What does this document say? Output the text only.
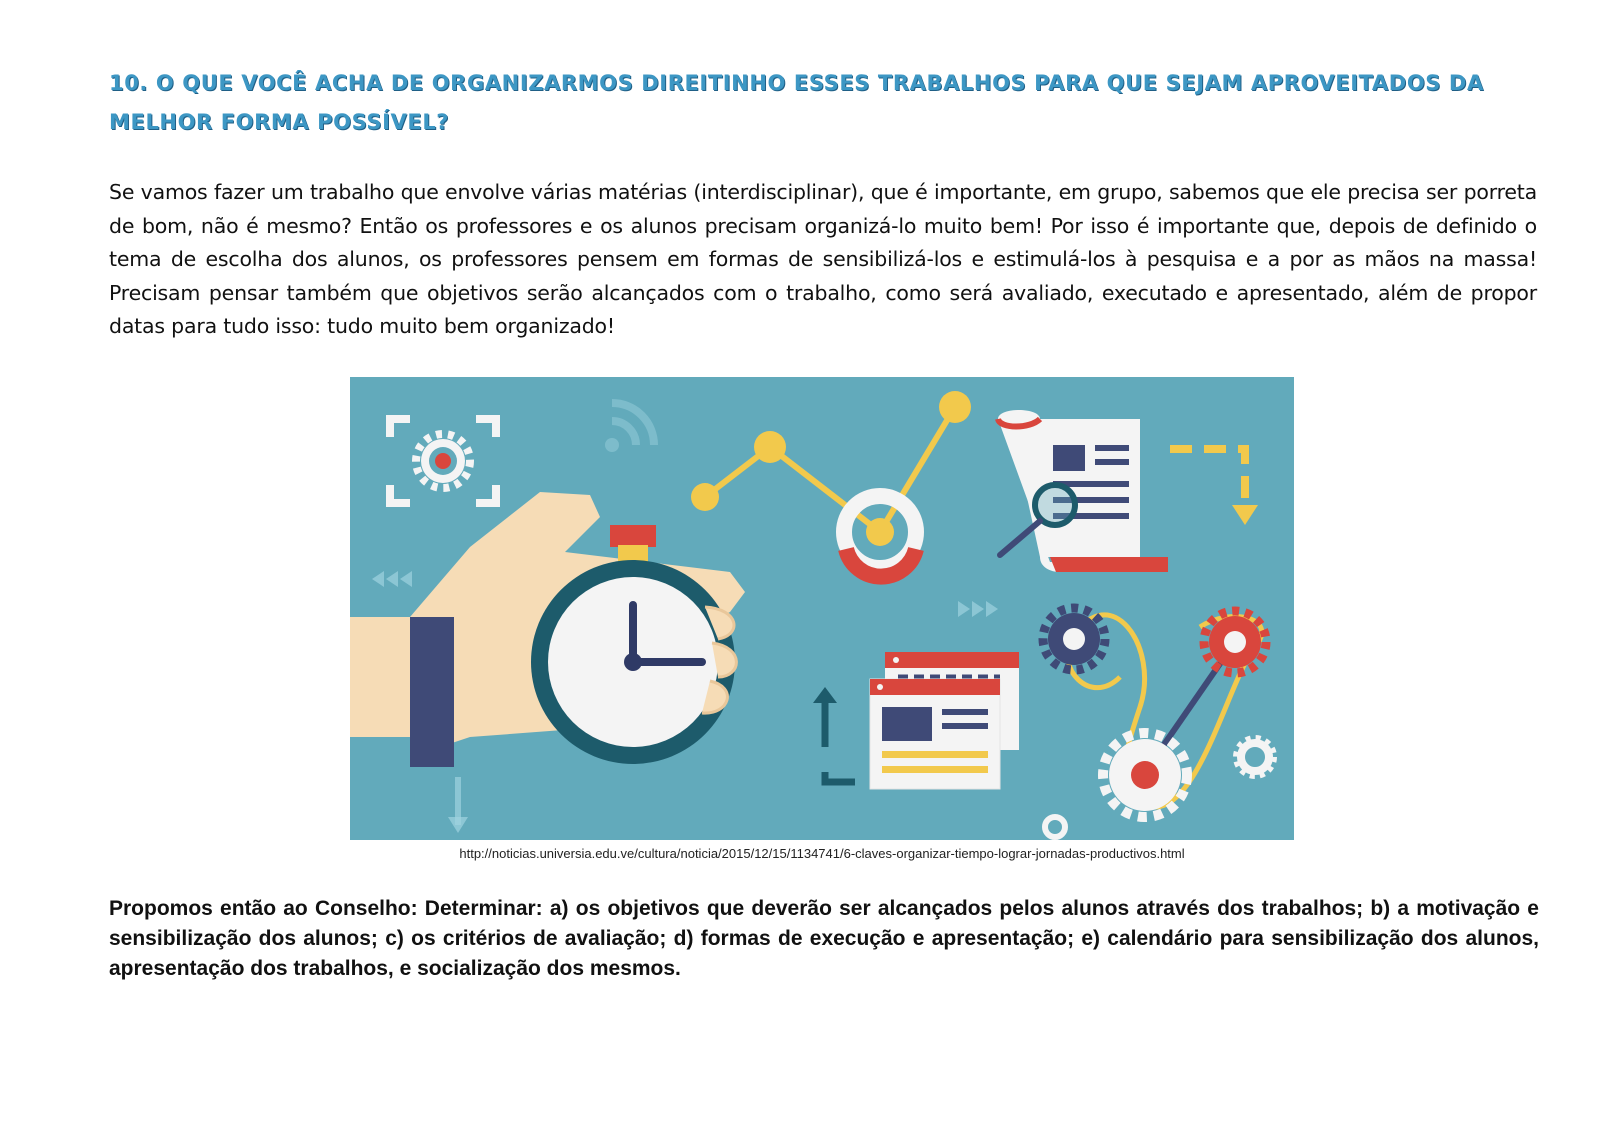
10. O QUE VOCÊ ACHA DE ORGANIZARMOS DIREITINHO ESSES TRABALHOS PARA QUE SEJAM APROVEITADOS DA MELHOR FORMA POSSÍVEL?

Se vamos fazer um trabalho que envolve várias matérias (interdisciplinar), que é importante, em grupo, sabemos que ele precisa ser porreta de bom, não é mesmo? Então os professores e os alunos precisam organizá-lo muito bem! Por isso é importante que, depois de definido o tema de escolha dos alunos, os professores pensem em formas de sensibilizá-los e estimulá-los à pesquisa e a por as mãos na massa! Precisam pensar também que objetivos serão alcançados com o trabalho, como será avaliado, executado e apresentado, além de propor datas para tudo isso: tudo muito bem organizado!

http://noticias.universia.edu.ve/cultura/noticia/2015/12/15/1134741/6-claves-organizar-tiempo-lograr-jornadas-productivos.html

Propomos então ao Conselho: Determinar: a) os objetivos que deverão ser alcançados pelos alunos através dos trabalhos; b) a motivação e sensibilização dos alunos; c) os critérios de avaliação; d) formas de execução e apresentação; e) calendário para sensibilização dos alunos, apresentação dos trabalhos, e socialização dos mesmos.
